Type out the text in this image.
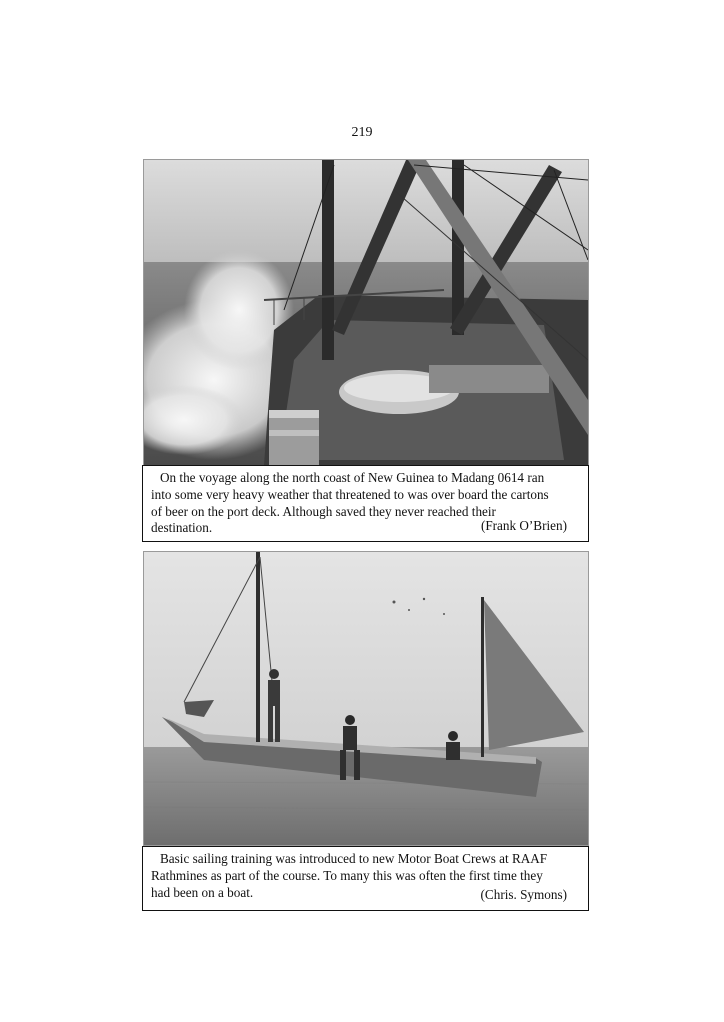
219
On the voyage along the north coast of New Guinea to Madang 0614 ran
into some very heavy weather that threatened to was over board the cartons
of beer on the port deck. Although saved they never reached their
destination.	(Frank O’Brien)
Basic sailing training was introduced to new Motor Boat Crews at RAAF
Rathmines as part of the course. To many this was often the first time they
had been on a boat.	(Chris. Symons)
